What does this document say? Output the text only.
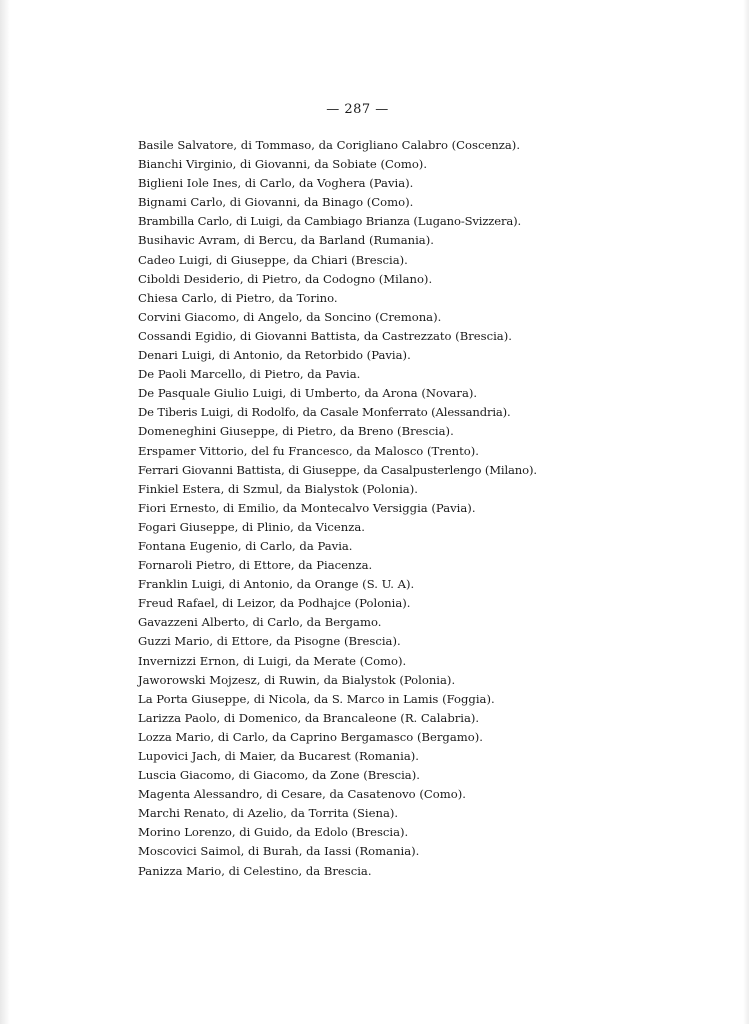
— 287 —
Basile Salvatore, di Tommaso, da Corigliano Calabro (Coscenza).
Bianchi Virginio, di Giovanni, da Sobiate (Como).
Biglieni Iole Ines, di Carlo, da Voghera (Pavia).
Bignami Carlo, di Giovanni, da Binago (Como).
Brambilla Carlo, di Luigi, da Cambiago Brianza (Lugano-Svizzera).
Busihavic Avram, di Bercu, da Barland (Rumania).
Cadeo Luigi, di Giuseppe, da Chiari (Brescia).
Ciboldi Desiderio, di Pietro, da Codogno (Milano).
Chiesa Carlo, di Pietro, da Torino.
Corvini Giacomo, di Angelo, da Soncino (Cremona).
Cossandi Egidio, di Giovanni Battista, da Castrezzato (Brescia).
Denari Luigi, di Antonio, da Retorbido (Pavia).
De Paoli Marcello, di Pietro, da Pavia.
De Pasquale Giulio Luigi, di Umberto, da Arona (Novara).
De Tiberis Luigi, di Rodolfo, da Casale Monferrato (Alessandria).
Domeneghini Giuseppe, di Pietro, da Breno (Brescia).
Erspamer Vittorio, del fu Francesco, da Malosco (Trento).
Ferrari Giovanni Battista, di Giuseppe, da Casalpusterlengo (Milano).
Finkiel Estera, di Szmul, da Bialystok (Polonia).
Fiori Ernesto, di Emilio, da Montecalvo Versiggia (Pavia).
Fogari Giuseppe, di Plinio, da Vicenza.
Fontana Eugenio, di Carlo, da Pavia.
Fornaroli Pietro, di Ettore, da Piacenza.
Franklin Luigi, di Antonio, da Orange (S. U. A).
Freud Rafael, di Leizor, da Podhajce (Polonia).
Gavazzeni Alberto, di Carlo, da Bergamo.
Guzzi Mario, di Ettore, da Pisogne (Brescia).
Invernizzi Ernon, di Luigi, da Merate (Como).
Jaworowski Mojzesz, di Ruwin, da Bialystok (Polonia).
La Porta Giuseppe, di Nicola, da S. Marco in Lamis (Foggia).
Larizza Paolo, di Domenico, da Brancaleone (R. Calabria).
Lozza Mario, di Carlo, da Caprino Bergamasco (Bergamo).
Lupovici Jach, di Maier, da Bucarest (Romania).
Luscia Giacomo, di Giacomo, da Zone (Brescia).
Magenta Alessandro, di Cesare, da Casatenovo (Como).
Marchi Renato, di Azelio, da Torrita (Siena).
Morino Lorenzo, di Guido, da Edolo (Brescia).
Moscovici Saimol, di Burah, da Iassi (Romania).
Panizza Mario, di Celestino, da Brescia.
